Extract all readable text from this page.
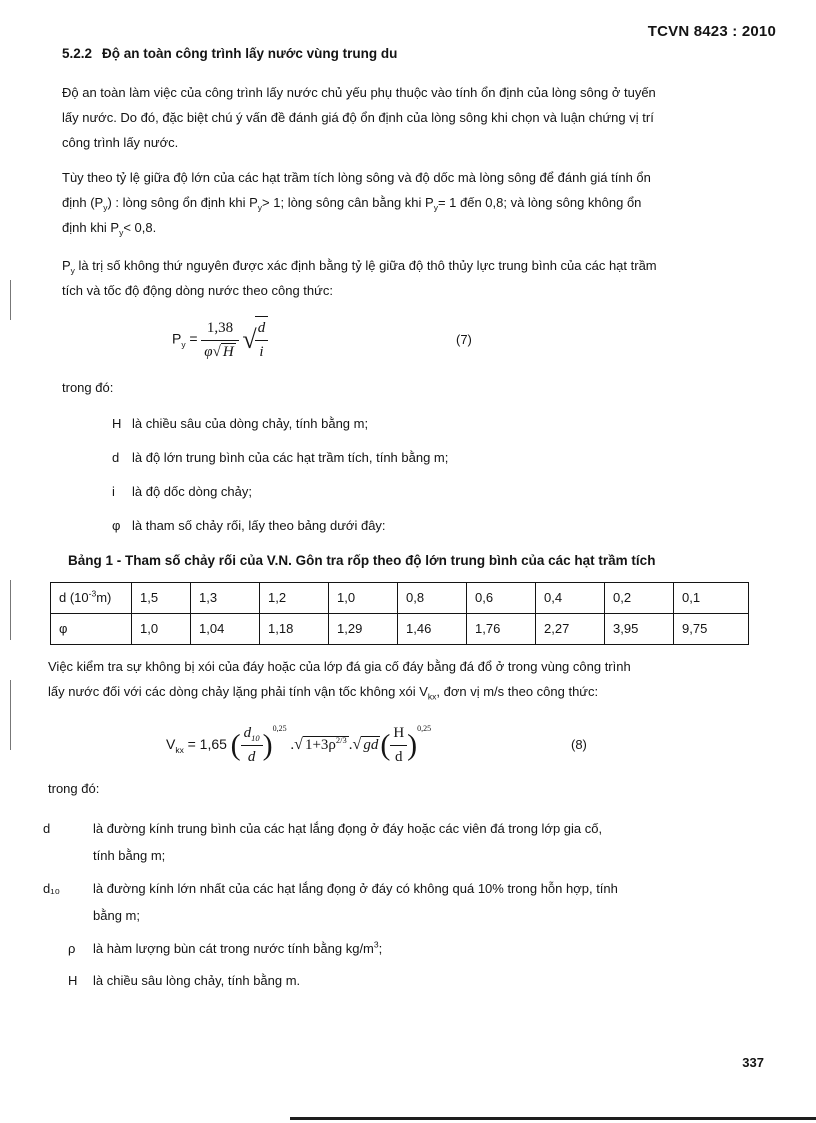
TCVN 8423 : 2010
5.2.2 Độ an toàn công trình lấy nước vùng trung du
Độ an toàn làm việc của công trình lấy nước chủ yếu phụ thuộc vào tính ổn định của lòng sông ở tuyến
lấy nước. Do đó, đặc biệt chú ý vấn đề đánh giá độ ổn định của lòng sông khi chọn và luận chứng vị trí
công trình lấy nước.
Tùy theo tỷ lệ giữa độ lớn của các hạt trầm tích lòng sông và độ dốc mà lòng sông để đánh giá tính ổn
định $(P_y)$ : lòng sông ổn định khi $P_y> 1$; lòng sông cân bằng khi $P_y= 1$ đến 0,8; và lòng sông không ổn
định khi $P_y< 0,8$.
$P_y$ là trị số không thứ nguyên được xác định bằng tỷ lệ giữa độ thô thủy lực trung bình của các hạt trầm
tích và tốc độ động dòng nước theo công thức:
$P_y = \frac{1,38}{\varphi√ H}$ √
$\frac{d}{i}$	(7)
trong đó:
H là chiều sâu của dòng chảy, tính bằng m;
d là độ lớn trung bình của các hạt trầm tích, tính bằng m;
i là độ dốc dòng chảy;
φ là tham số chảy rối, lấy theo bảng dưới đây:
Bảng 1 - Tham số chảy rối của V.N. Gôn tra rốp theo độ lớn trung bình của các hạt trầm tích
d $(10^{-3}m)$	1,5	1,3	1,2	1,0	0,8	0,6	0,4	0,2	0,1
φ	1,0	1,04	1,18	1,29	1,46	1,76	2,27	3,95	9,75
Việc kiểm tra sự không bị xói của đáy hoặc của lớp đá gia cố đáy bằng đá đổ ở trong vùng công trình
lấy nước đối với các dòng chảy lặng phải tính vận tốc không xói $V_{kx}$, đơn vị m/s theo công thức:
$V_{kx} = 1,65$ ( $\frac{d_{10}}{d} )^{0,25}$ .√ $1+3\rho^{2/3}$ .√ $gd( \frac{H}{d} )^{0,25}$
(8)
trong đó:
d	là đường kính trung bình của các hạt lắng đọng ở đáy hoặc các viên đá trong lớp gia cố,
tính bằng m;
d₁₀	là đường kính lớn nhất của các hạt lắng đọng ở đáy có không quá 10% trong hỗn hợp, tính
bằng m;
ρ là hàm lượng bùn cát trong nước tính bằng $kg/m^3$;
H là chiều sâu lòng chảy, tính bằng m.
337
